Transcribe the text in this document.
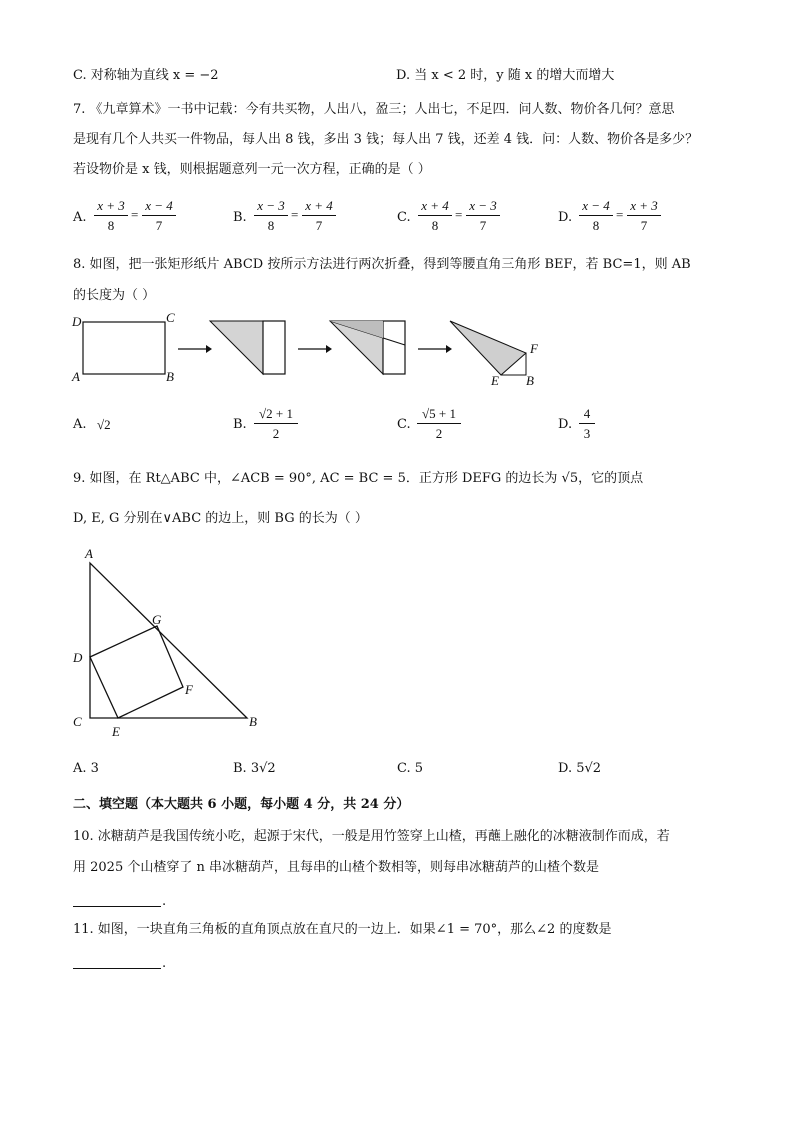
C. 对称轴为直线 x = −2	D. 当 x < 2 时，y 随 x 的增大而增大
7. 《九章算术》一书中记载：今有共买物，人出八，盈三；人出七，不足四．问人数、物价各几何？意思
是现有几个人共买一件物品，每人出 8 钱，多出 3 钱；每人出 7 钱，还差 4 钱．问：人数、物价各是多少？
若设物价是 x 钱，则根据题意列一元一次方程，正确的是（ ）
A.
x + 3
8
=
x − 4
7
B.
x − 3
8
=
x + 4
7
C.
x + 4
8
=
x − 3
7
D.
x − 4
8
=
x + 3
7
8. 如图，把一张矩形纸片 ABCD 按所示方法进行两次折叠，得到等腰直角三角形 BEF，若 BC=1，则 AB
的长度为（ ）
D	C
A	B
F
E B
A. √2	B.
√2 + 1
2
C.
√5 + 1
2
D.
4
3
9. 如图，在 Rt△ABC 中，∠ACB = 90°, AC = BC = 5．正方形 DEFG 的边长为 √5，它的顶点
D, E, G 分别在∨ABC 的边上，则 BG 的长为（ ）
A
G
D
F
C
E
B
A. 3	B. 3√2	C. 5	D. 5√2
二、填空题（本大题共 6 小题，每小题 4 分，共 24 分）
10. 冰糖葫芦是我国传统小吃，起源于宋代，一般是用竹签穿上山楂，再蘸上融化的冰糖液制作而成，若
用 2025 个山楂穿了 n 串冰糖葫芦，且每串的山楂个数相等，则每串冰糖葫芦的山楂个数是
.
11. 如图，一块直角三角板的直角顶点放在直尺的一边上．如果∠1 = 70°，那么∠2 的度数是
.
